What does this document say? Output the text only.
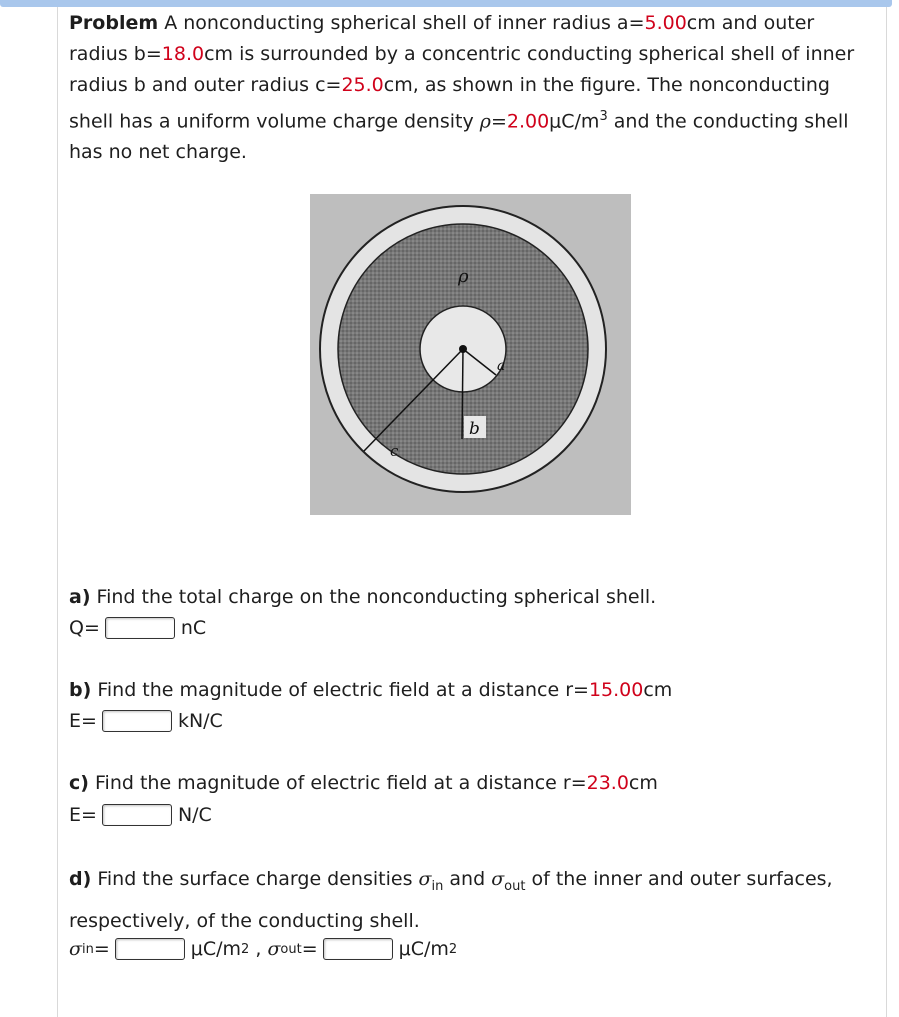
Problem A nonconducting spherical shell of inner radius a=5.00cm and outer radius b=18.0cm is surrounded by a concentric conducting spherical shell of inner radius b and outer radius c=25.0cm, as shown in the figure. The nonconducting shell has a uniform volume charge density $\rho=2.00\mu C/m^3$ and the conducting shell has no net charge.

ρ
a
b
c

a) Find the total charge on the nonconducting spherical shell.

Q=	nC

b) Find the magnitude of electric field at a distance r=15.00cm

E=	kN/C

c) Find the magnitude of electric field at a distance r=23.0cm

E=	N/C

d) Find the surface charge densities $\sigma_{in}$ and $\sigma_{out}$ of the inner and outer surfaces, respectively, of the conducting shell.

σ in =	μC/m 2 , σ out =	μC/m 2
